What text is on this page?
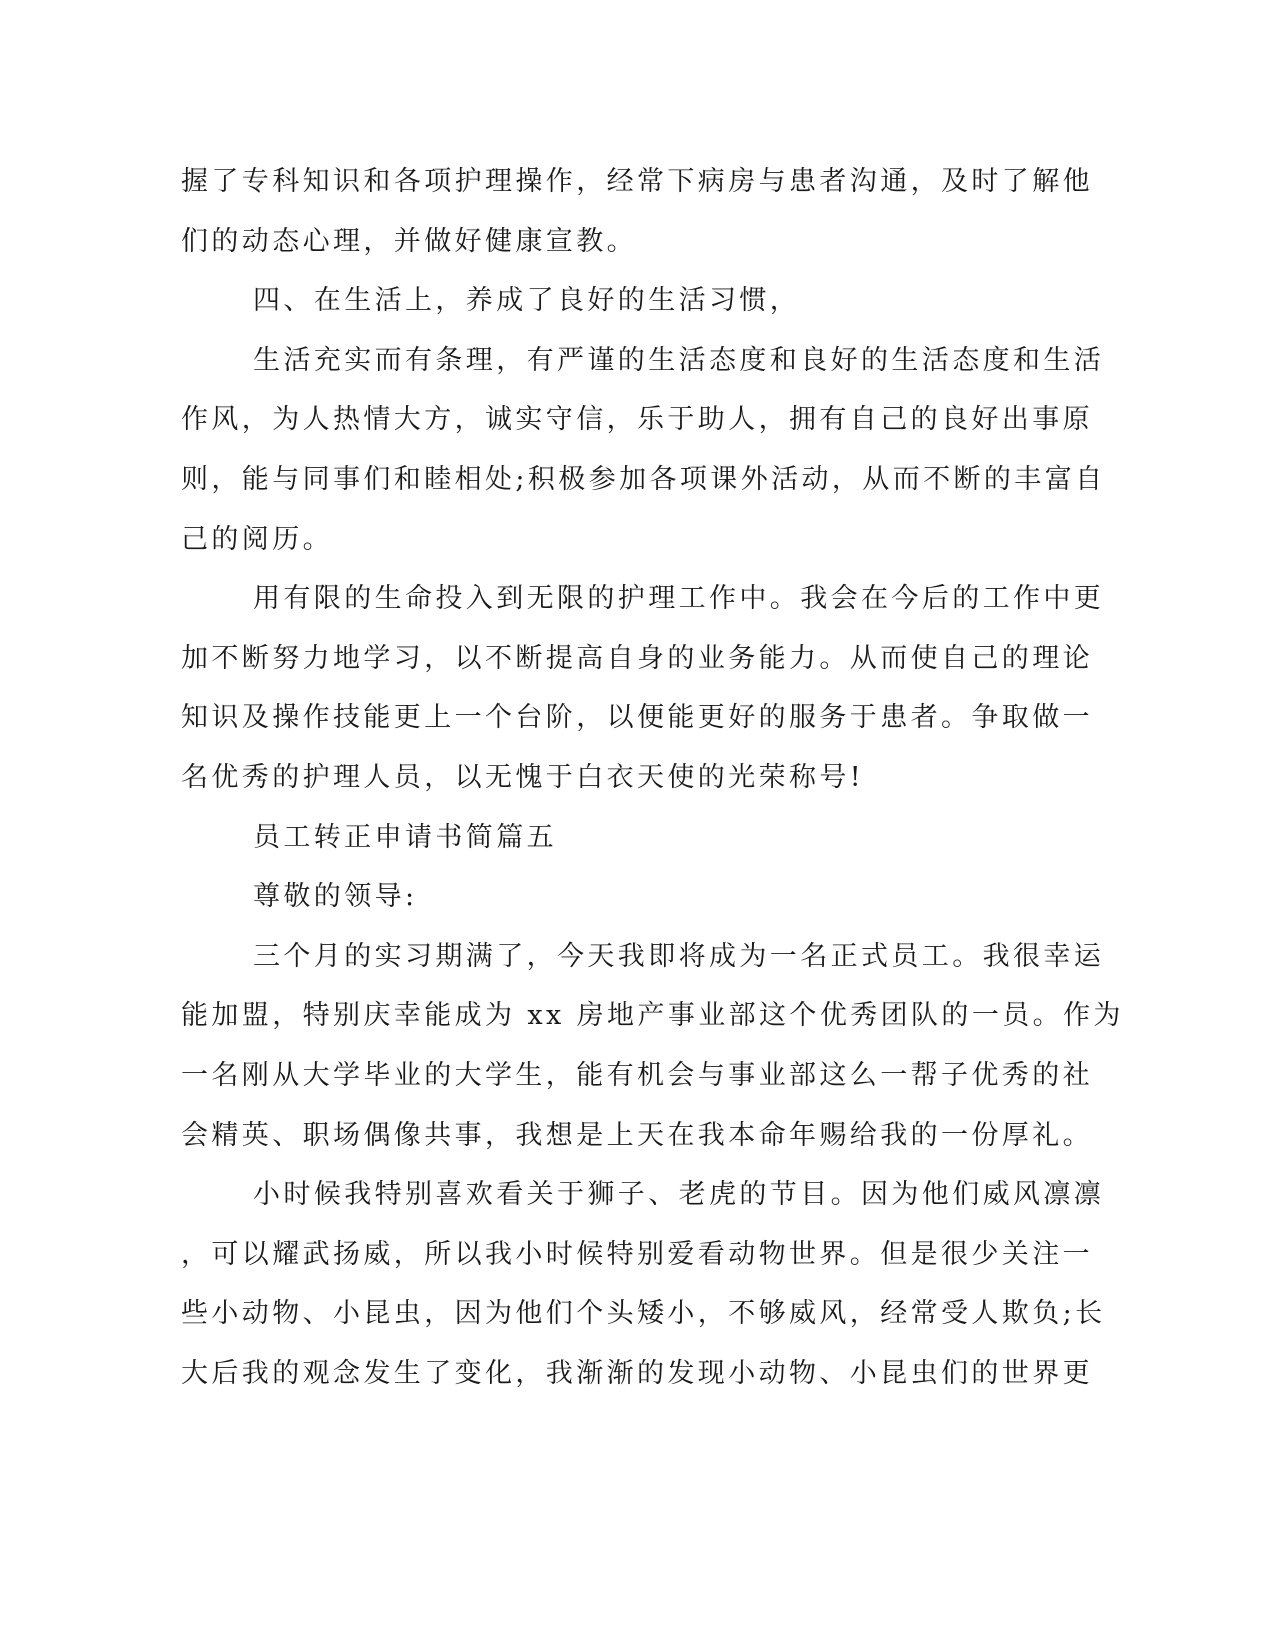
握了专科知识和各项护理操作，经常下病房与患者沟通，及时了解他
们的动态心理，并做好健康宣教。
四、在生活上，养成了良好的生活习惯，
生活充实而有条理，有严谨的生活态度和良好的生活态度和生活
作风，为人热情大方，诚实守信，乐于助人，拥有自己的良好出事原
则，能与同事们和睦相处;积极参加各项课外活动，从而不断的丰富自
己的阅历。
用有限的生命投入到无限的护理工作中。我会在今后的工作中更
加不断努力地学习，以不断提高自身的业务能力。从而使自己的理论
知识及操作技能更上一个台阶，以便能更好的服务于患者。争取做一
名优秀的护理人员，以无愧于白衣天使的光荣称号!
员工转正申请书简篇五
尊敬的领导:
三个月的实习期满了，今天我即将成为一名正式员工。我很幸运
能加盟，特别庆幸能成为 xx 房地产事业部这个优秀团队的一员。作为
一名刚从大学毕业的大学生，能有机会与事业部这么一帮子优秀的社
会精英、职场偶像共事，我想是上天在我本命年赐给我的一份厚礼。
小时候我特别喜欢看关于狮子、老虎的节目。因为他们威风凛凛
，可以耀武扬威，所以我小时候特别爱看动物世界。但是很少关注一
些小动物、小昆虫，因为他们个头矮小，不够威风，经常受人欺负;长
大后我的观念发生了变化，我渐渐的发现小动物、小昆虫们的世界更
